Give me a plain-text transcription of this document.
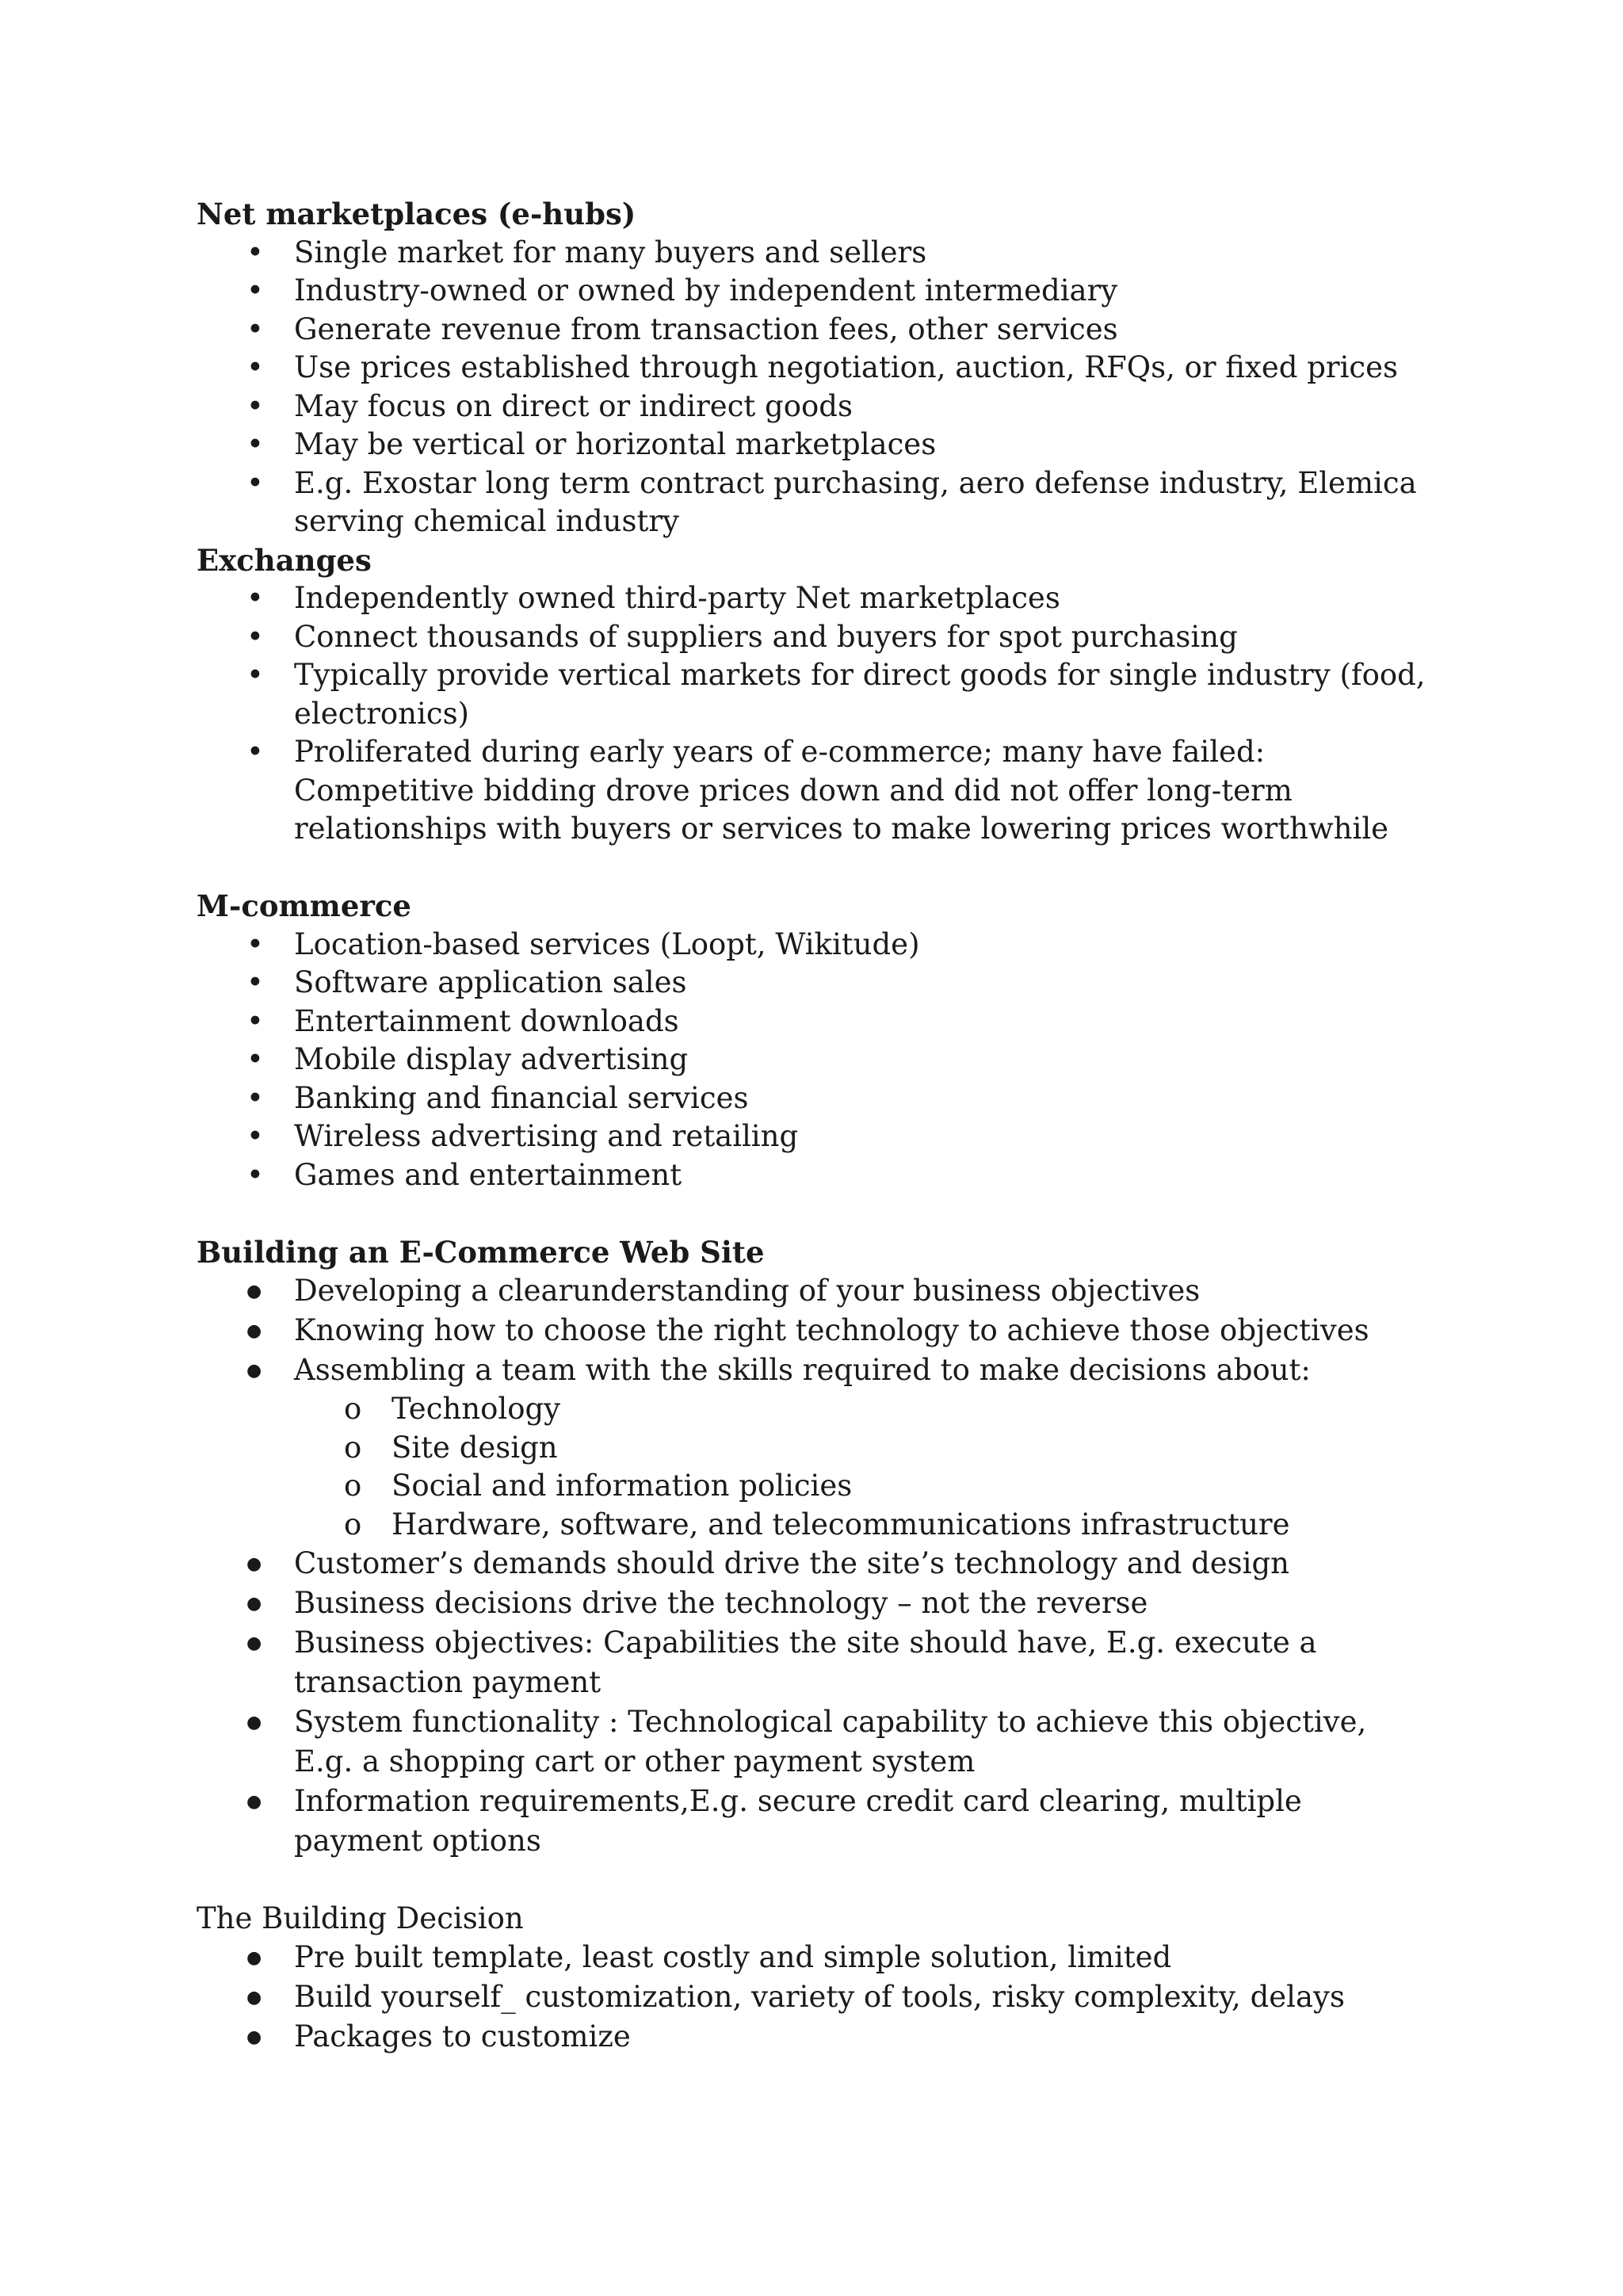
Net marketplaces (e-hubs)

• Single market for many buyers and sellers
• Industry-owned or owned by independent intermediary
• Generate revenue from transaction fees, other services
• Use prices established through negotiation, auction, RFQs, or fixed prices
• May focus on direct or indirect goods
• May be vertical or horizontal marketplaces
• E.g. Exostar long term contract purchasing, aero defense industry, Elemica serving chemical industry

Exchanges

• Independently owned third-party Net marketplaces
• Connect thousands of suppliers and buyers for spot purchasing
• Typically provide vertical markets for direct goods for single industry (food, electronics)
• Proliferated during early years of e-commerce; many have failed: Competitive bidding drove prices down and did not offer long-term relationships with buyers or services to make lowering prices worthwhile

M-commerce

• Location-based services (Loopt, Wikitude)
• Software application sales
• Entertainment downloads
• Mobile display advertising
• Banking and financial services
• Wireless advertising and retailing
• Games and entertainment

Building an E-Commerce Web Site

● Developing a clearunderstanding of your business objectives
● Knowing how to choose the right technology to achieve those objectives
● Assembling a team with the skills required to make decisions about:
o Technology
o Site design
o Social and information policies
o Hardware, software, and telecommunications infrastructure
● Customer’s demands should drive the site’s technology and design
● Business decisions drive the technology – not the reverse
● Business objectives: Capabilities the site should have, E.g. execute a transaction payment
● System functionality : Technological capability to achieve this objective, E.g. a shopping cart or other payment system
● Information requirements,E.g. secure credit card clearing, multiple payment options

The Building Decision

● Pre built template, least costly and simple solution, limited
● Build yourself_ customization, variety of tools, risky complexity, delays
● Packages to customize
